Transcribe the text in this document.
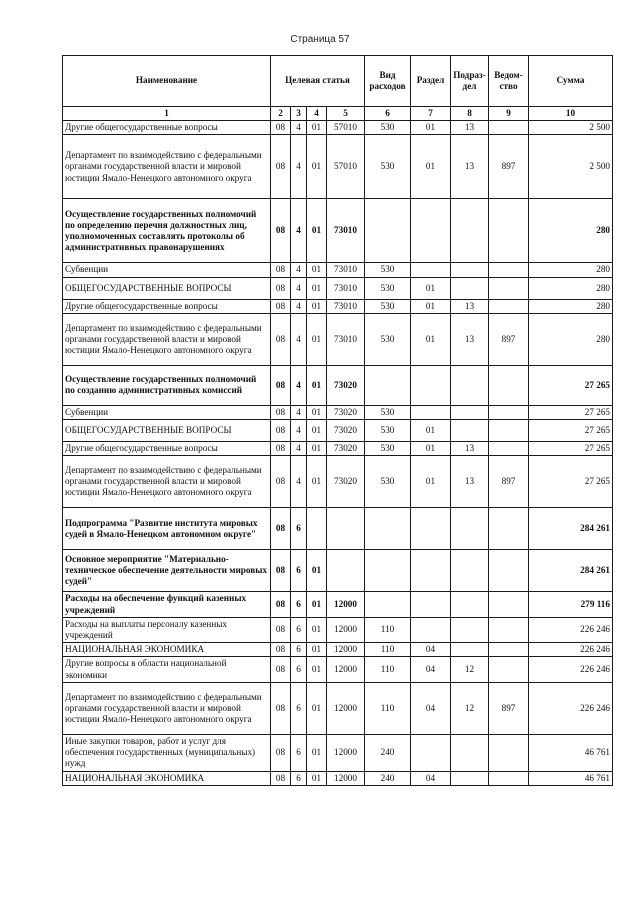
Страница 57
Наименование	Целевая статья				Вид расходов	Раздел	Подраз-дел	Ведом-ство	Сумма
1	2	3	4	5	6	7	8	9	10
Другие общегосударственные вопросы	08	4	01	57010	530	01	13		2 500
Департамент по взаимодействию с федеральными органами государственной власти и мировой юстиции Ямало-Ненецкого автономного округа	08	4	01	57010	530	01	13	897	2 500
Осуществление государственных полномочий по определению перечня должностных лиц, уполномоченных составлять протоколы об административных правонарушениях	08	4	01	73010					280
Субвенции	08	4	01	73010	530				280
ОБЩЕГОСУДАРСТВЕННЫЕ ВОПРОСЫ	08	4	01	73010	530	01			280
Другие общегосударственные вопросы	08	4	01	73010	530	01	13		280
Департамент по взаимодействию с федеральными органами государственной власти и мировой юстиции Ямало-Ненецкого автономного округа	08	4	01	73010	530	01	13	897	280
Осуществление государственных полномочий по созданию административных комиссий	08	4	01	73020					27 265
Субвенции	08	4	01	73020	530				27 265
ОБЩЕГОСУДАРСТВЕННЫЕ ВОПРОСЫ	08	4	01	73020	530	01			27 265
Другие общегосударственные вопросы	08	4	01	73020	530	01	13		27 265
Департамент по взаимодействию с федеральными органами государственной власти и мировой юстиции Ямало-Ненецкого автономного округа	08	4	01	73020	530	01	13	897	27 265
Подпрограмма "Развитие института мировых судей в Ямало-Ненецком автономном округе"	08	6							284 261
Основное мероприятие "Материально-техническое обеспечение деятельности мировых судей"	08	6	01						284 261
Расходы на обеспечение функций казенных учреждений	08	6	01	12000					279 116
Расходы на выплаты персоналу казенных учреждений	08	6	01	12000	110				226 246
НАЦИОНАЛЬНАЯ ЭКОНОМИКА	08	6	01	12000	110	04			226 246
Другие вопросы в области национальной экономики	08	6	01	12000	110	04	12		226 246
Департамент по взаимодействию с федеральными органами государственной власти и мировой юстиции Ямало-Ненецкого автономного округа	08	6	01	12000	110	04	12	897	226 246
Иные закупки товаров, работ и услуг для обеспечения государственных (муниципальных) нужд	08	6	01	12000	240				46 761
НАЦИОНАЛЬНАЯ ЭКОНОМИКА	08	6	01	12000	240	04			46 761
